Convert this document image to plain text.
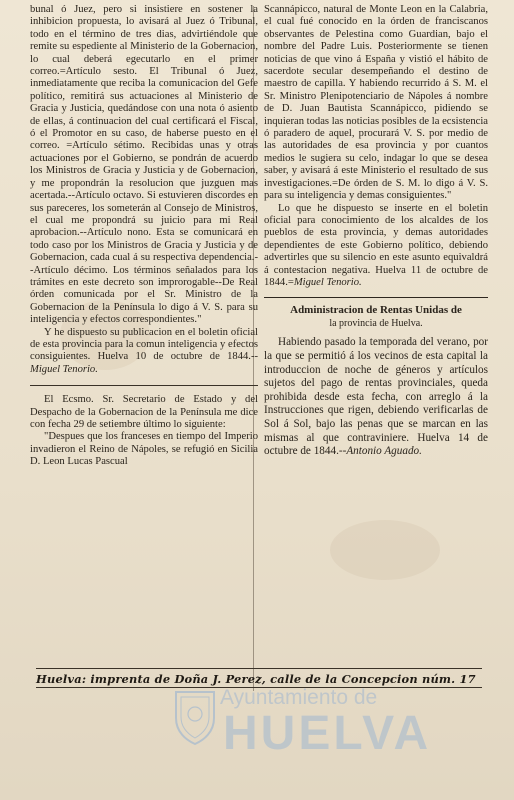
bunal ó Juez, pero si insistiere en sostener la inhibicion propuesta, lo avisará al Juez ó Tribunal, todo en el término de tres dias, advirtiéndole que remite su espediente al Ministerio de la Gobernacion, lo cual deberá egecutarlo en el primer correo.=Artículo sesto. El Tribunal ó Juez, inmediatamente que reciba la comunicacion del Gefe político, remitirá sus actuaciones al Ministerio de Gracia y Justicia, quedándose con una nota ó asiento de ellas, á continuacion del cual certificará el Fiscal, ó el Promotor en su caso, de haberse puesto en el correo. =Artículo sétimo. Recibidas unas y otras actuaciones por el Gobierno, se pondrán de acuerdo los Ministros de Gracia y Justicia y de Gobernacion, y me propondrán la resolucion que juzguen mas acertada.--Artículo octavo. Si estuvieren discordes en sus pareceres, los someterán al Consejo de Ministros, el cual me propondrá su juicio para mi Real aprobacion.--Artículo nono. Esta se comunicará en todo caso por los Ministros de Gracia y Justicia y de Gobernacion, cada cual á su respectiva dependencia.--Artículo décimo. Los términos señalados para los trámites en este decreto son improrogable--De Real órden comunicada por el Sr. Ministro de la Gobernacion de la Península lo digo á V. S. para su inteligencia y efectos correspondientes."

Y he dispuesto su publicacion en el boletin oficial de esta provincia para la comun inteligencia y efectos consiguientes. Huelva 10 de octubre de 1844.--Miguel Tenorio.

El Ecsmo. Sr. Secretario de Estado y del Despacho de la Gobernacion de la Península me dice con fecha 29 de setiembre último lo siguiente:

"Despues que los franceses en tiempo del Imperio invadieron el Reino de Nápoles, se refugió en Sicilia D. Leon Lucas Pascual

Scannápicco, natural de Monte Leon en la Calabria, el cual fué conocido en la órden de franciscanos observantes de Pelestina como Guardian, bajo el nombre del Padre Luis. Posteriormente se tienen noticias de que vino á España y vistió el hábito de sacerdote secular desempeñando el destino de maestro de capilla. Y habiendo recurrido á S. M. el Sr. Ministro Plenipotenciario de Nápoles á nombre de D. Juan Bautista Scannápicco, pidiendo se inquieran todas las noticias posibles de la ecsistencia ó paradero de aquel, procurará V. S. por medio de las autoridades de esa provincia y por cuantos medios le sugiera su celo, indagar lo que se desea saber, y avisará á este Ministerio el resultado de sus investigaciones.=De órden de S. M. lo digo á V. S. para su inteligencia y demas consiguientes."

Lo que he dispuesto se inserte en el boletin oficial para conocimiento de los alcaldes de los pueblos de esta provincia, y demas autoridades dependientes de este Gobierno político, debiendo advertirles que su silencio en este asunto equivaldrá á contestacion negativa. Huelva 11 de octubre de 1844.=Miguel Tenorio.

Administracion de Rentas Unidas de

la provincia de Huelva.

Habiendo pasado la temporada del verano, por la que se permitió á los vecinos de esta capital la introduccion de noche de géneros y artículos sujetos del pago de rentas provinciales, queda prohibida desde esta fecha, con arreglo á la Instrucciones que rigen, debiendo verificarlas de Sol á Sol, bajo las penas que se marcan en las mismas al que contraviniere. Huelva 14 de octubre de 1844.--Antonio Aguado.

Huelva: imprenta de Doña J. Perez, calle de la Concepcion núm. 17
Ayuntamiento de
HUELVA
